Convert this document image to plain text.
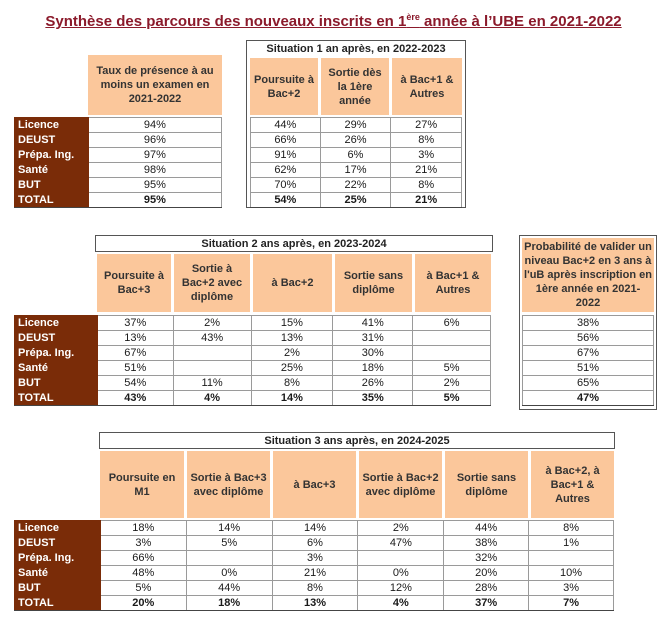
Synthèse des parcours des nouveaux inscrits en 1ère année à l’UBE en 2021-2022
Taux de présence à au moins un examen en 2021-2022
Licence	94%
DEUST	96%
Prépa. Ing.	97%
Santé	98%
BUT	95%
TOTAL	95%
Situation 1 an après, en 2022-2023
Poursuite à Bac+2
Sortie dès la 1ère année
à Bac+1 & Autres
44%	29%	27%
66%	26%	8%
91%	6%	3%
62%	17%	21%
70%	22%	8%
54%	25%	21%
Situation 2 ans après, en 2023-2024
Poursuite à Bac+3
Sortie à Bac+2 avec diplôme
à Bac+2
Sortie sans diplôme
à Bac+1 & Autres
Licence	37%	2%	15%	41%	6%
DEUST	13%	43%	13%	31%	
Prépa. Ing.	67%		2%	30%	
Santé	51%		25%	18%	5%
BUT	54%	11%	8%	26%	2%
TOTAL	43%	4%	14%	35%	5%
Probabilité de valider un niveau Bac+2 en 3 ans à l'uB après inscription en 1ère année en 2021-2022
38%
56%
67%
51%
65%
47%
Situation 3 ans après, en 2024-2025
Poursuite en M1
Sortie à Bac+3 avec diplôme
à Bac+3
Sortie à Bac+2 avec diplôme
Sortie sans diplôme
à Bac+2, à Bac+1 & Autres
Licence	18%	14%	14%	2%	44%	8%
DEUST	3%	5%	6%	47%	38%	1%
Prépa. Ing.	66%		3%		32%	
Santé	48%	0%	21%	0%	20%	10%
BUT	5%	44%	8%	12%	28%	3%
TOTAL	20%	18%	13%	4%	37%	7%
